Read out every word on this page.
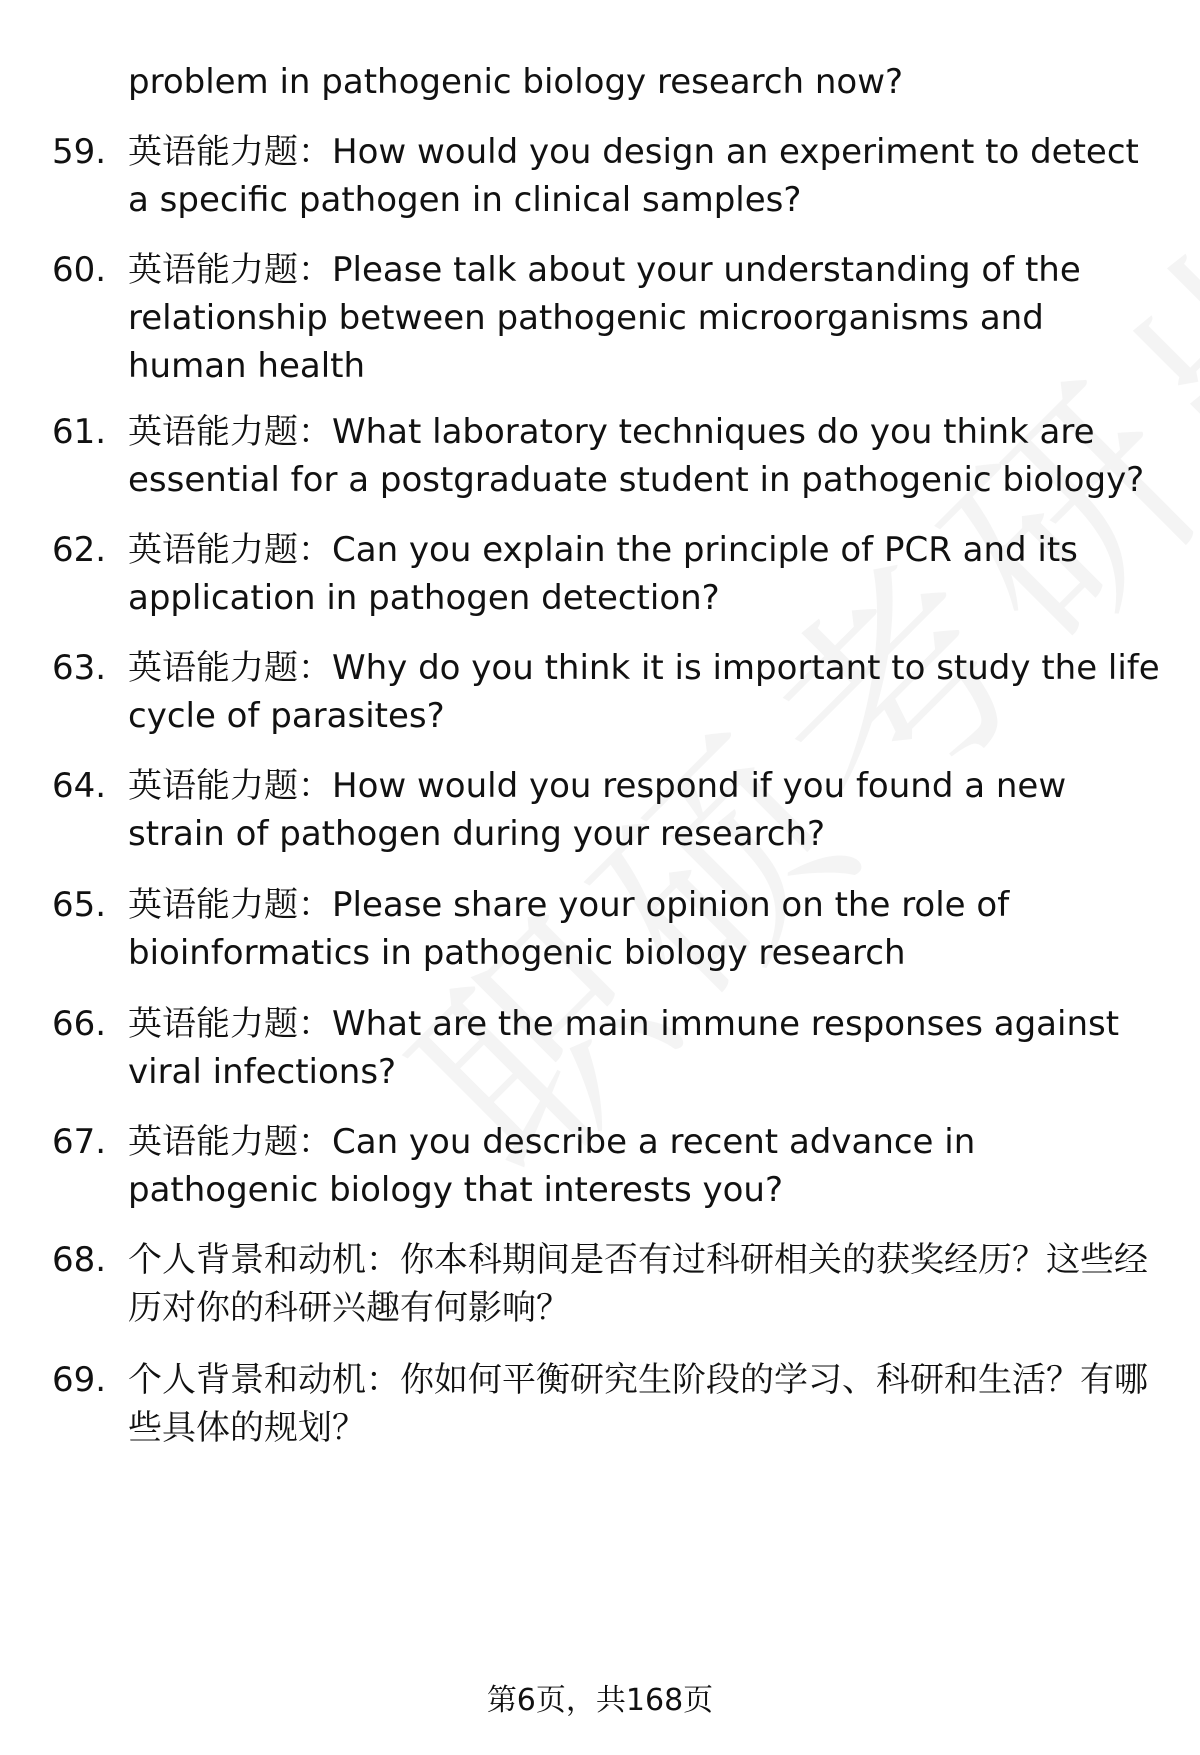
problem in pathogenic biology research now?
59. 英语能力题：How would you design an experiment to detect a specific pathogen in clinical samples?
60. 英语能力题：Please talk about your understanding of the relationship between pathogenic microorganisms and human health
61. 英语能力题：What laboratory techniques do you think are essential for a postgraduate student in pathogenic biology?
62. 英语能力题：Can you explain the principle of PCR and its application in pathogen detection?
63. 英语能力题：Why do you think it is important to study the life cycle of parasites?
64. 英语能力题：How would you respond if you found a new strain of pathogen during your research?
65. 英语能力题：Please share your opinion on the role of bioinformatics in pathogenic biology research
66. 英语能力题：What are the main immune responses against viral infections?
67. 英语能力题：Can you describe a recent advance in pathogenic biology that interests you?
68. 个人背景和动机：你本科期间是否有过科研相关的获奖经历？这些经历对你的科研兴趣有何影响？
69. 个人背景和动机：你如何平衡研究生阶段的学习、科研和生活？有哪些具体的规划？
第6页，共168页
